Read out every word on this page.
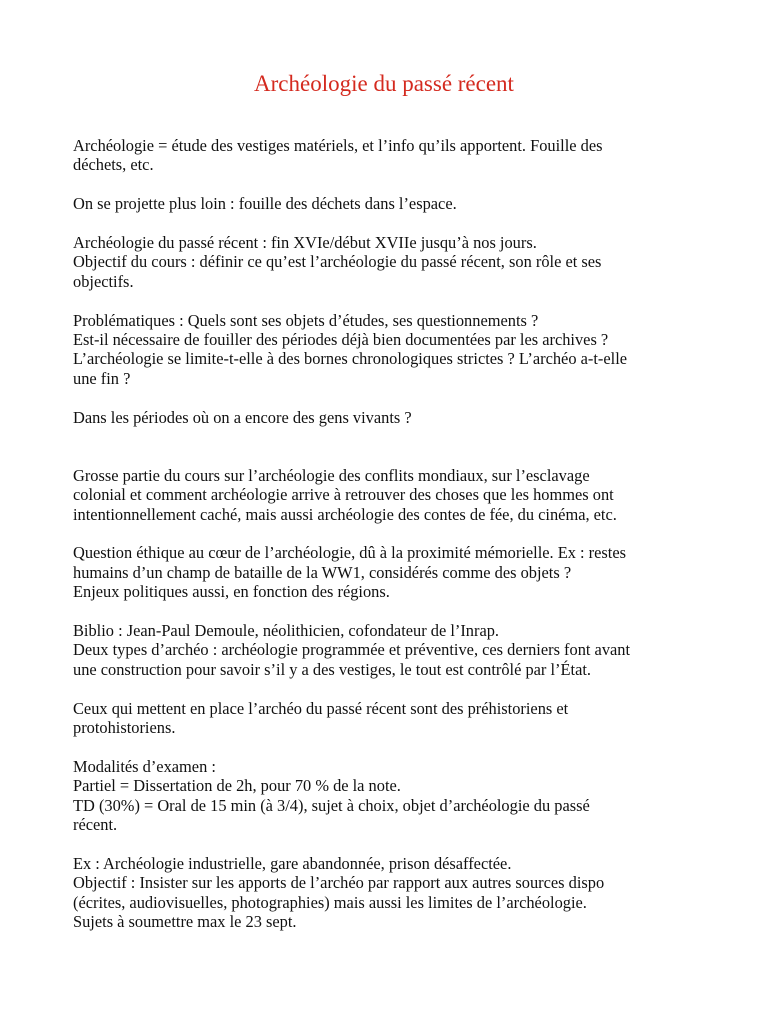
Archéologie du passé récent

Archéologie = étude des vestiges matériels, et l’info qu’ils apportent. Fouille des
déchets, etc.

On se projette plus loin : fouille des déchets dans l’espace.

Archéologie du passé récent : fin XVIe/début XVIIe jusqu’à nos jours.
Objectif du cours : définir ce qu’est l’archéologie du passé récent, son rôle et ses
objectifs.

Problématiques : Quels sont ses objets d’études, ses questionnements ?
Est-il nécessaire de fouiller des périodes déjà bien documentées par les archives ?
L’archéologie se limite-t-elle à des bornes chronologiques strictes ? L’archéo a-t-elle
une fin ?

Dans les périodes où on a encore des gens vivants ?

Grosse partie du cours sur l’archéologie des conflits mondiaux, sur l’esclavage
colonial et comment archéologie arrive à retrouver des choses que les hommes ont
intentionnellement caché, mais aussi archéologie des contes de fée, du cinéma, etc.

Question éthique au cœur de l’archéologie, dû à la proximité mémorielle. Ex : restes
humains d’un champ de bataille de la WW1, considérés comme des objets ?
Enjeux politiques aussi, en fonction des régions.

Biblio : Jean-Paul Demoule, néolithicien, cofondateur de l’Inrap.
Deux types d’archéo : archéologie programmée et préventive, ces derniers font avant
une construction pour savoir s’il y a des vestiges, le tout est contrôlé par l’État.

Ceux qui mettent en place l’archéo du passé récent sont des préhistoriens et
protohistoriens.

Modalités d’examen :
Partiel = Dissertation de 2h, pour 70 % de la note.
TD (30%) = Oral de 15 min (à 3/4), sujet à choix, objet d’archéologie du passé
récent.

Ex : Archéologie industrielle, gare abandonnée, prison désaffectée.
Objectif : Insister sur les apports de l’archéo par rapport aux autres sources dispo
(écrites, audiovisuelles, photographies) mais aussi les limites de l’archéologie.
Sujets à soumettre max le 23 sept.
